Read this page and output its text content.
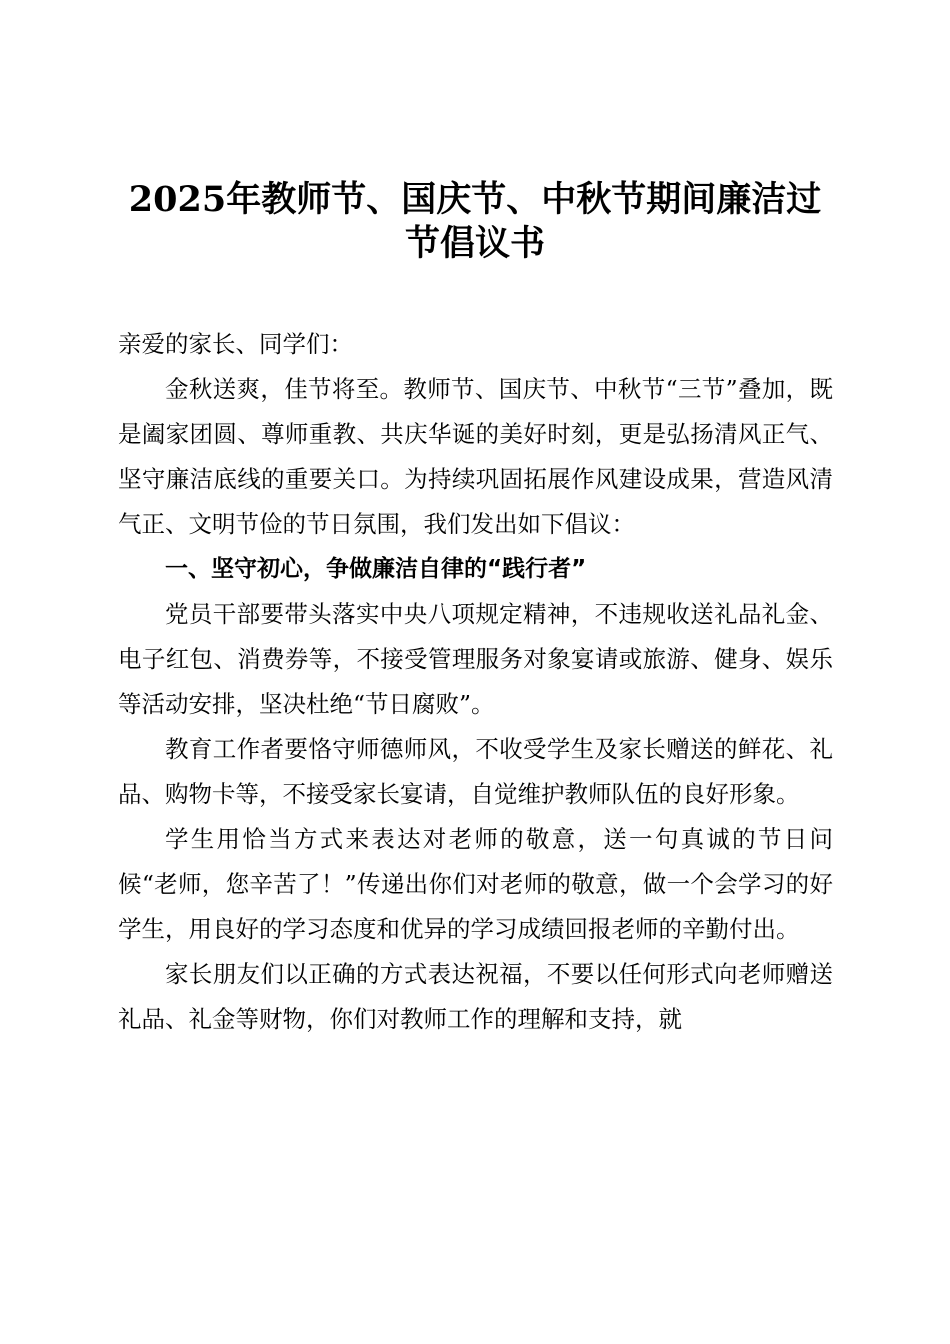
2025年教师节、国庆节、中秋节期间廉洁过
节倡议书

亲爱的家长、同学们：

金秋送爽，佳节将至。教师节、国庆节、中秋节“三节”叠加，既是阖家团圆、尊师重教、共庆华诞的美好时刻，更是弘扬清风正气、坚守廉洁底线的重要关口。为持续巩固拓展作风建设成果，营造风清气正、文明节俭的节日氛围，我们发出如下倡议：

一、坚守初心，争做廉洁自律的“践行者”

党员干部要带头落实中央八项规定精神，不违规收送礼品礼金、电子红包、消费券等，不接受管理服务对象宴请或旅游、健身、娱乐等活动安排，坚决杜绝“节日腐败”。

教育工作者要恪守师德师风，不收受学生及家长赠送的鲜花、礼品、购物卡等，不接受家长宴请，自觉维护教师队伍的良好形象。

学生用恰当方式来表达对老师的敬意，送一句真诚的节日问候“老师，您辛苦了！”传递出你们对老师的敬意，做一个会学习的好学生，用良好的学习态度和优异的学习成绩回报老师的辛勤付出。

家长朋友们以正确的方式表达祝福，不要以任何形式向老师赠送礼品、礼金等财物，你们对教师工作的理解和支持，就
